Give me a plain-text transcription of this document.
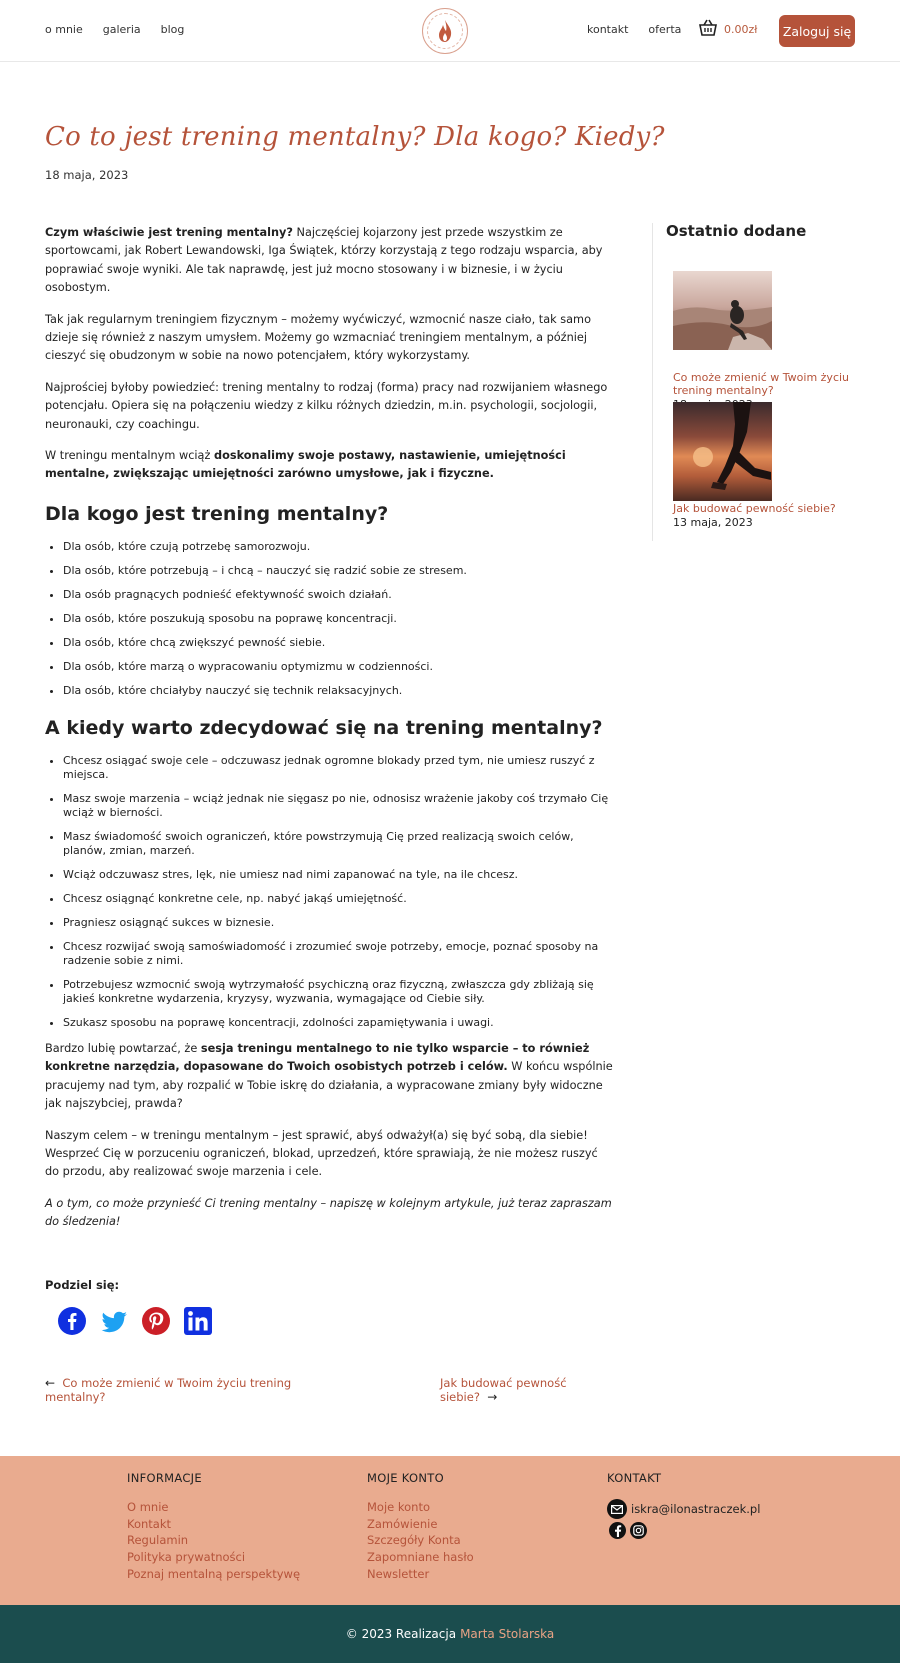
o mnie galeria blog	kontakt oferta	0.00zł	Zaloguj się
Co to jest trening mentalny? Dla kogo? Kiedy?
18 maja, 2023

Czym właściwie jest trening mentalny? Najczęściej kojarzony jest przede wszystkim ze sportowcami, jak Robert Lewandowski, Iga Świątek, którzy korzystają z tego rodzaju wsparcia, aby poprawiać swoje wyniki. Ale tak naprawdę, jest już mocno stosowany i w biznesie, i w życiu osobostym.

Tak jak regularnym treningiem fizycznym – możemy wyćwiczyć, wzmocnić nasze ciało, tak samo dzieje się również z naszym umysłem. Możemy go wzmacniać treningiem mentalnym, a później cieszyć się obudzonym w sobie na nowo potencjałem, który wykorzystamy.

Najprościej byłoby powiedzieć: trening mentalny to rodzaj (forma) pracy nad rozwijaniem własnego potencjału. Opiera się na połączeniu wiedzy z kilku różnych dziedzin, m.in. psychologii, socjologii, neuronauki, czy coachingu.

W treningu mentalnym wciąż doskonalimy swoje postawy, nastawienie, umiejętności mentalne, zwiększając umiejętności zarówno umysłowe, jak i fizyczne.

Dla kogo jest trening mentalny?
• Dla osób, które czują potrzebę samorozwoju.
• Dla osób, które potrzebują – i chcą – nauczyć się radzić sobie ze stresem.
• Dla osób pragnących podnieść efektywność swoich działań.
• Dla osób, które poszukują sposobu na poprawę koncentracji.
• Dla osób, które chcą zwiększyć pewność siebie.
• Dla osób, które marzą o wypracowaniu optymizmu w codzienności.
• Dla osób, które chciałyby nauczyć się technik relaksacyjnych.
A kiedy warto zdecydować się na trening mentalny?
• Chcesz osiągać swoje cele – odczuwasz jednak ogromne blokady przed tym, nie umiesz ruszyć z miejsca.
• Masz swoje marzenia – wciąż jednak nie sięgasz po nie, odnosisz wrażenie jakoby coś trzymało Cię wciąż w bierności.
• Masz świadomość swoich ograniczeń, które powstrzymują Cię przed realizacją swoich celów, planów, zmian, marzeń.
• Wciąż odczuwasz stres, lęk, nie umiesz nad nimi zapanować na tyle, na ile chcesz.
• Chcesz osiągnąć konkretne cele, np. nabyć jakąś umiejętność.
• Pragniesz osiągnąć sukces w biznesie.
• Chcesz rozwijać swoją samoświadomość i zrozumieć swoje potrzeby, emocje, poznać sposoby na radzenie sobie z nimi.
• Potrzebujesz wzmocnić swoją wytrzymałość psychiczną oraz fizyczną, zwłaszcza gdy zbliżają się jakieś konkretne wydarzenia, kryzysy, wyzwania, wymagające od Ciebie siły.
• Szukasz sposobu na poprawę koncentracji, zdolności zapamiętywania i uwagi.

Bardzo lubię powtarzać, że sesja treningu mentalnego to nie tylko wsparcie – to również konkretne narzędzia, dopasowane do Twoich osobistych potrzeb i celów. W końcu wspólnie pracujemy nad tym, aby rozpalić w Tobie iskrę do działania, a wypracowane zmiany były widoczne jak najszybciej, prawda?

Naszym celem – w treningu mentalnym – jest sprawić, abyś odważył(a) się być sobą, dla siebie! Wesprzeć Cię w porzuceniu ograniczeń, blokad, uprzedzeń, które sprawiają, że nie możesz ruszyć do przodu, aby realizować swoje marzenia i cele.

A o tym, co może przynieść Ci trening mentalny – napiszę w kolejnym artykule, już teraz zapraszam do śledzenia!

Podziel się:
← Co może zmienić w Twoim życiu trening mentalny?
Jak budować pewność siebie? →
Ostatnio dodane
Co może zmienić w Twoim życiu trening mentalny?
Jak budować pewność siebie?
13 maja, 2023
INFORMACJE
O mnie
Kontakt
Regulamin
Polityka prywatności
Poznaj mentalną perspektywę
MOJE KONTO
Moje konto
Zamówienie
Szczegóły Konta
Zapomniane hasło
Newsletter
KONTAKT
iskra@ilonastraczek.pl
© 2023 Realizacja Marta Stolarska
